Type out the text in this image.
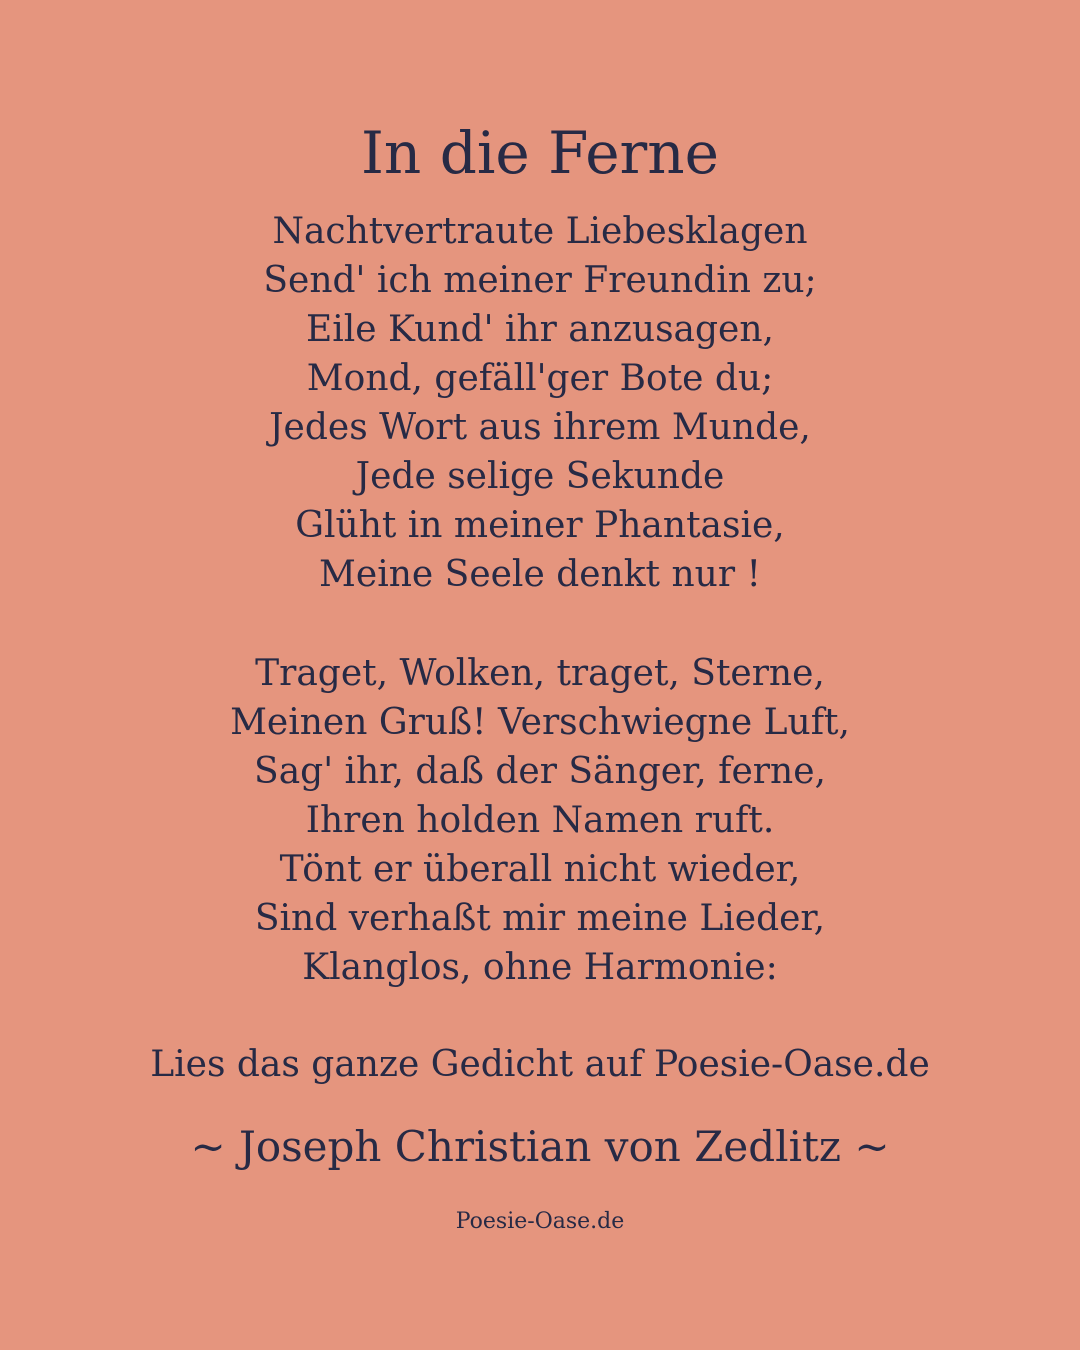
In die Ferne
Nachtvertraute Liebesklagen
Send' ich meiner Freundin zu;
Eile Kund' ihr anzusagen,
Mond, gefäll'ger Bote du;
Jedes Wort aus ihrem Munde,
Jede selige Sekunde
Glüht in meiner Phantasie,
Meine Seele denkt nur !
Traget, Wolken, traget, Sterne,
Meinen Gruß! Verschwiegne Luft,
Sag' ihr, daß der Sänger, ferne,
Ihren holden Namen ruft.
Tönt er überall nicht wieder,
Sind verhaßt mir meine Lieder,
Klanglos, ohne Harmonie:
Lies das ganze Gedicht auf Poesie-Oase.de
~ Joseph Christian von Zedlitz ~
Poesie-Oase.de
